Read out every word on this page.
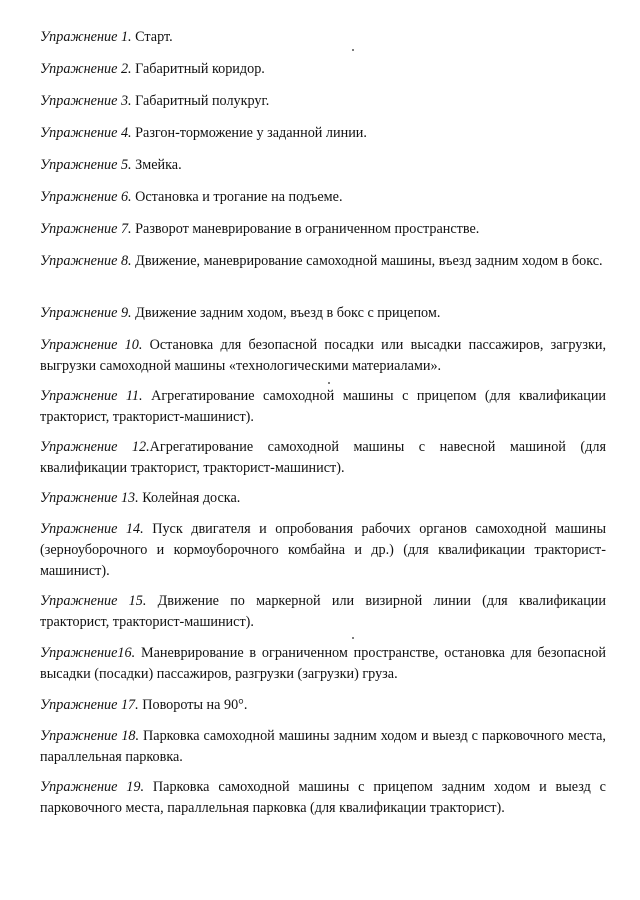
Упражнение 1. Старт.

Упражнение 2. Габаритный коридор.

Упражнение 3. Габаритный полукруг.

Упражнение 4. Разгон-торможение у заданной линии.

Упражнение 5. Змейка.

Упражнение 6. Остановка и трогание на подъеме.

Упражнение 7. Разворот маневрирование в ограниченном пространстве.

Упражнение 8. Движение, маневрирование самоходной машины, въезд задним ходом в бокс.

Упражнение 9. Движение задним ходом, въезд в бокс с прицепом.

Упражнение 10. Остановка для безопасной посадки или высадки пассажиров, загрузки, выгрузки самоходной машины «технологическими материалами».

Упражнение 11. Агрегатирование самоходной машины с прицепом (для квалификации тракторист, тракторист-машинист).

Упражнение 12.Агрегатирование самоходной машины с навесной машиной (для квалификации тракторист, тракторист-машинист).

Упражнение 13. Колейная доска.

Упражнение 14. Пуск двигателя и опробования рабочих органов самоходной машины (зерноуборочного и кормоуборочного комбайна и др.) (для квалификации тракторист-машинист).

Упражнение 15. Движение по маркерной или визирной линии (для квалификации тракторист, тракторист-машинист).

Упражнение16. Маневрирование в ограниченном пространстве, остановка для безопасной высадки (посадки) пассажиров, разгрузки (загрузки) груза.

Упражнение 17. Повороты на 90°.

Упражнение 18. Парковка самоходной машины задним ходом и выезд с парковочного места, параллельная парковка.

Упражнение 19. Парковка самоходной машины с прицепом задним ходом и выезд с парковочного места, параллельная парковка (для квалификации тракторист).
